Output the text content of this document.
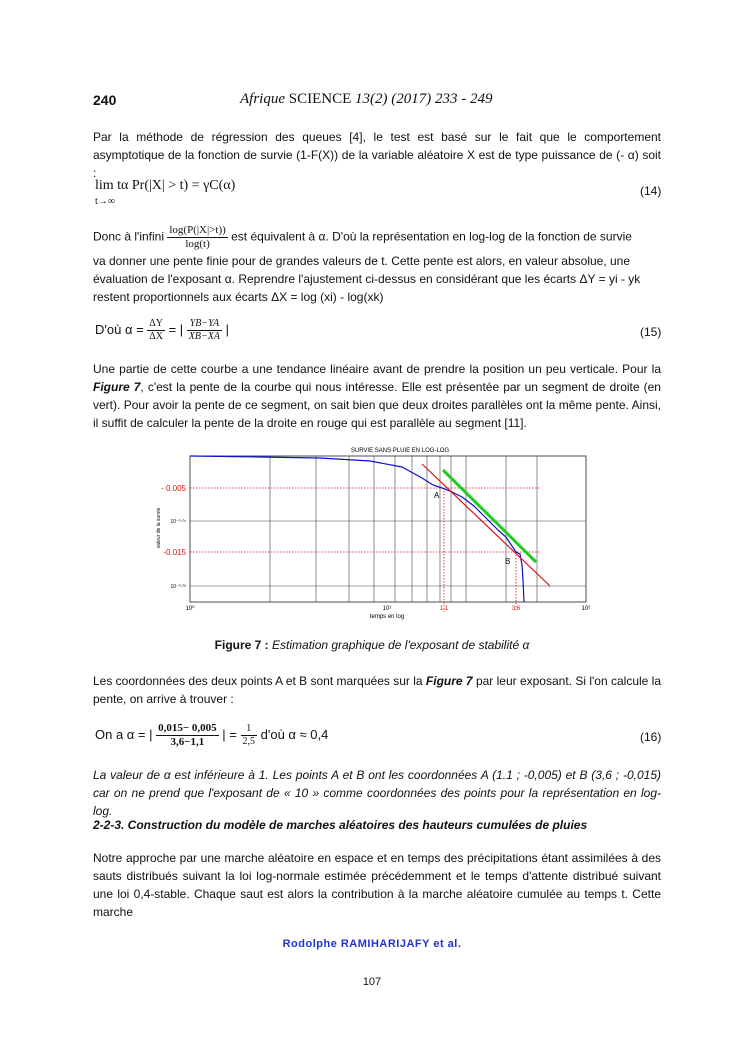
240	Afrique SCIENCE 13(2) (2017) 233 - 249
Par la méthode de régression des queues [4], le test est basé sur le fait que le comportement asymptotique de la fonction de survie (1-F(X)) de la variable aléatoire X est de type puissance de (- α) soit :
lim tα Pr(|X| > t) = γC(α)
t→∞
(14)
Donc à l'infini $\frac{\log(P(|X|>t))}{\log(t)}$ est équivalent à α. D'où la représentation en log-log de la fonction de survie
va donner une pente finie pour de grandes valeurs de t. Cette pente est alors, en valeur absolue, une
évaluation de l'exposant α. Reprendre l'ajustement ci-dessus en considérant que les écarts ΔY = yi - yk
restent proportionnels aux écarts ΔX = log (xi) - log(xk)
D'où $\alpha = \frac{\Delta Y}{\Delta X}$ = | $\frac{YB-YA}{XB-XA}$ |	(15)
Une partie de cette courbe a une tendance linéaire avant de prendre la position un peu verticale. Pour la Figure 7, c'est la pente de la courbe qui nous intéresse. Elle est présentée par un segment de droite (en vert). Pour avoir la pente de ce segment, on sait bien que deux droites parallèles ont la même pente. Ainsi, il suffit de calculer la pente de la droite en rouge qui est parallèle au segment [11].
SURVIE SANS PLUIE EN LOG-LOG
A
B
- 0.005
-0.015
10⁻⁰·⁰¹
10⁻⁰·⁰²
valeur de la survie
10⁰	10¹	10²
1.1	3.6
temps en log
Figure 7 : Estimation graphique de l'exposant de stabilité α
Les coordonnées des deux points A et B sont marquées sur la Figure 7 par leur exposant. Si l'on calcule la pente, on arrive à trouver :
On a α = | $\frac{0,015- 0,005}{3,6-1,1}$ | = $\frac{1}{2,5}$ d'où α ≈ 0,4	(16)
La valeur de α est inférieure à 1. Les points A et B ont les coordonnées A (1.1 ; -0,005) et B (3,6 ; -0,015) car on ne prend que l'exposant de « 10 » comme coordonnées des points pour la représentation en log-log.
2-2-3. Construction du modèle de marches aléatoires des hauteurs cumulées de pluies
Notre approche par une marche aléatoire en espace et en temps des précipitations étant assimilées à des sauts distribués suivant la loi log-normale estimée précédemment et le temps d'attente distribué suivant une loi 0,4-stable. Chaque saut est alors la contribution à la marche aléatoire cumulée au temps t. Cette marche
Rodolphe RAMIHARIJAFY et al.
107
